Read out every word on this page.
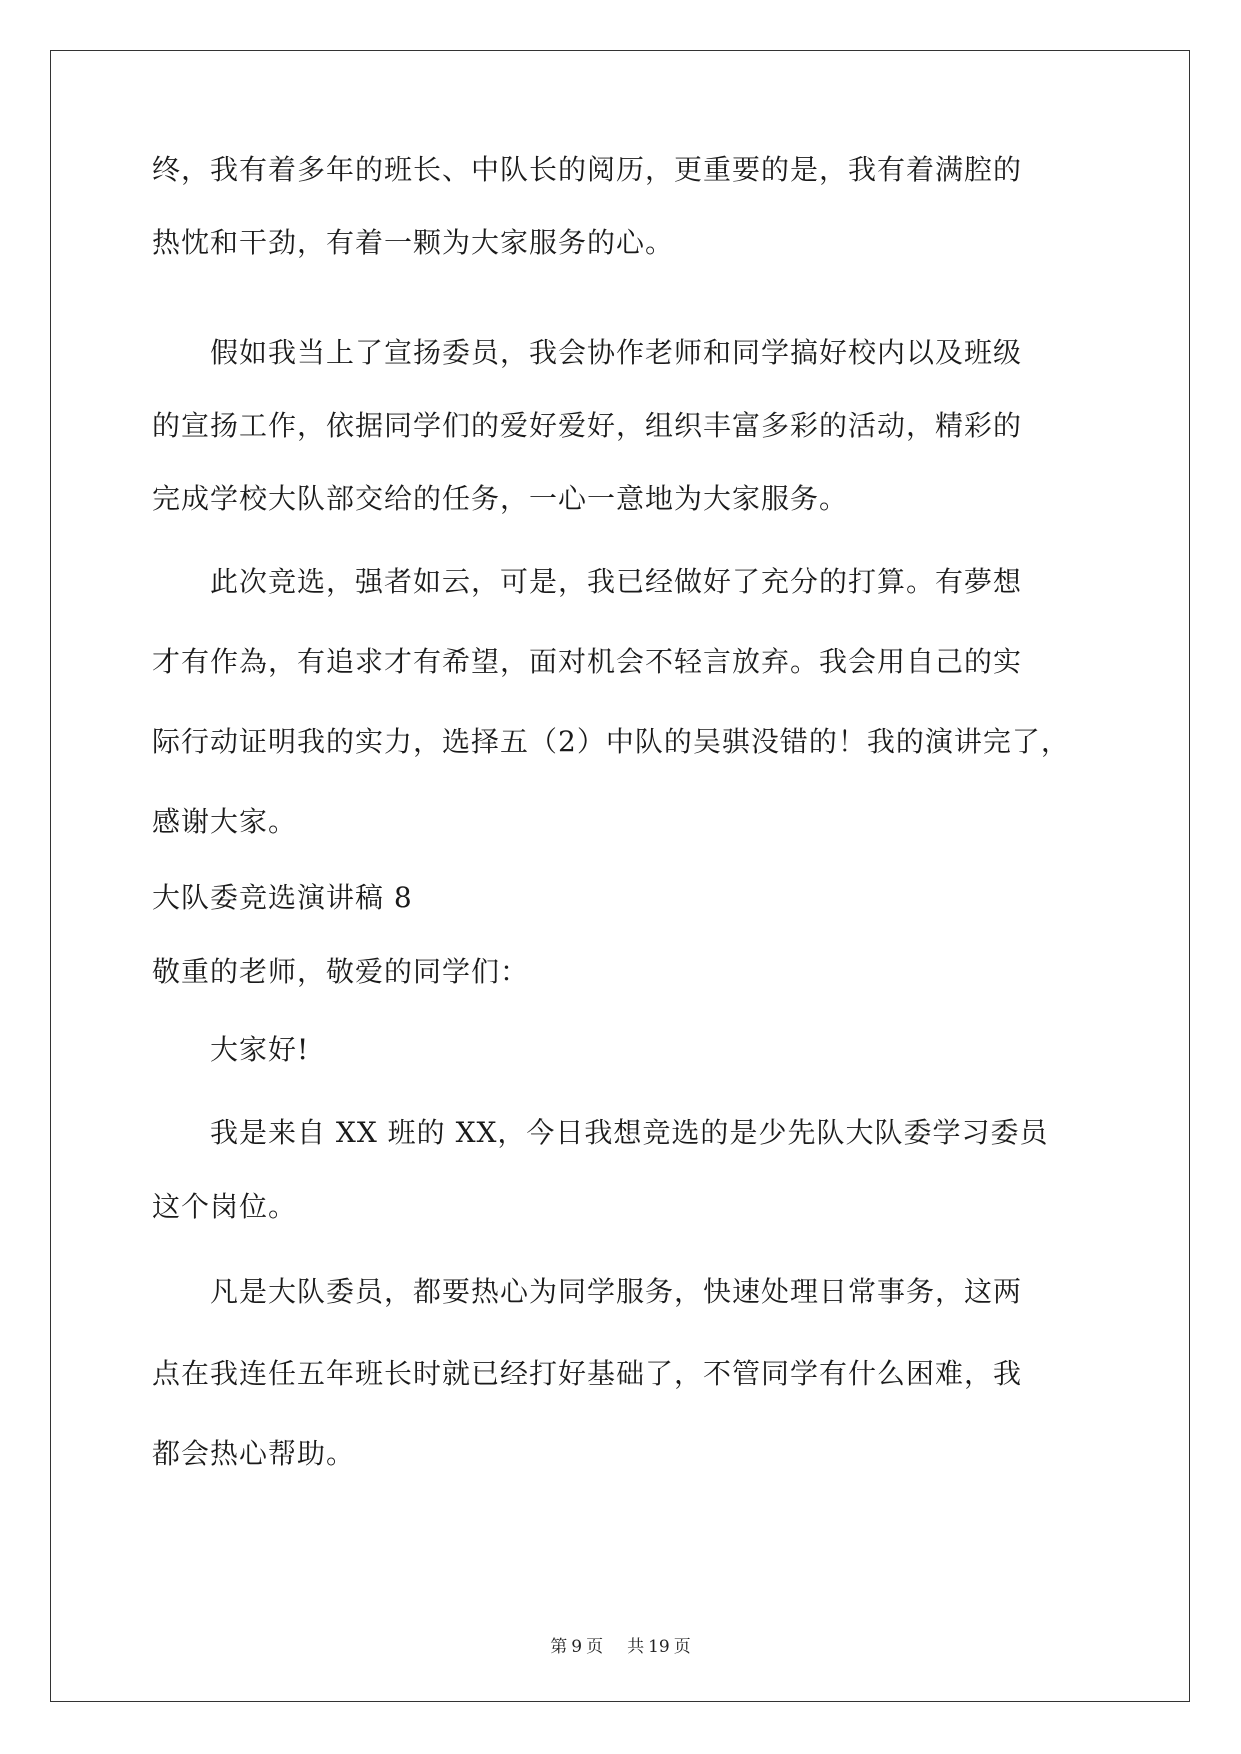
终，我有着多年的班长、中队长的阅历，更重要的是，我有着满腔的
热忱和干劲，有着一颗为大家服务的心。
　　假如我当上了宣扬委员，我会协作老师和同学搞好校内以及班级
的宣扬工作，依据同学们的爱好爱好，组织丰富多彩的活动，精彩的
完成学校大队部交给的任务，一心一意地为大家服务。
　　此次竞选，强者如云，可是，我已经做好了充分的打算。有夢想
才有作為，有追求才有希望，面对机会不轻言放弃。我会用自己的实
际行动证明我的实力，选择五（2）中队的吴骐没错的！我的演讲完了，
感谢大家。
大队委竞选演讲稿 8
敬重的老师，敬爱的同学们：
　　大家好!
　　我是来自 XX 班的 XX，今日我想竞选的是少先队大队委学习委员
这个岗位。
　　凡是大队委员，都要热心为同学服务，快速处理日常事务，这两
点在我连任五年班长时就已经打好基础了，不管同学有什么困难，我
都会热心帮助。
第 9 页 共 19 页
